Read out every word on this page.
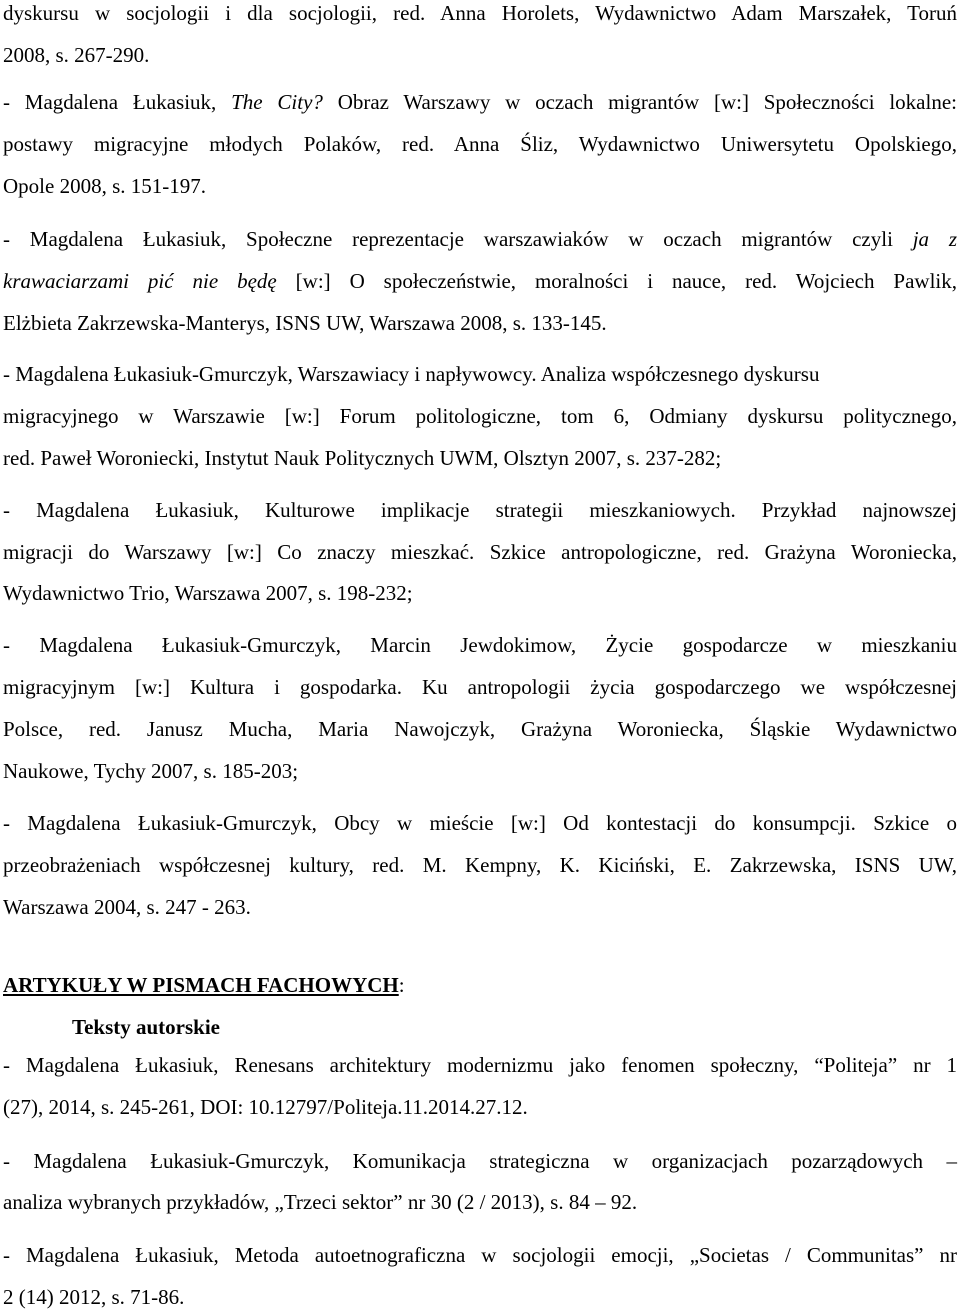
dyskursu w socjologii i dla socjologii, red. Anna Horolets, Wydawnictwo Adam Marszałek, Toruń
2008, s. 267-290.
- Magdalena Łukasiuk, The City? Obraz Warszawy w oczach migrantów [w:] Społeczności lokalne:
postawy migracyjne młodych Polaków, red. Anna Śliz, Wydawnictwo Uniwersytetu Opolskiego,
Opole 2008, s. 151-197.
- Magdalena Łukasiuk, Społeczne reprezentacje warszawiaków w oczach migrantów czyli ja z
krawaciarzami pić nie będę [w:] O społeczeństwie, moralności i nauce, red. Wojciech Pawlik,
Elżbieta Zakrzewska-Manterys, ISNS UW, Warszawa 2008, s. 133-145.
- Magdalena Łukasiuk-Gmurczyk, Warszawiacy i napływowcy. Analiza współczesnego dyskursu
migracyjnego w Warszawie [w:] Forum politologiczne, tom 6, Odmiany dyskursu politycznego,
red. Paweł Woroniecki, Instytut Nauk Politycznych UWM, Olsztyn 2007, s. 237-282;
- Magdalena Łukasiuk, Kulturowe implikacje strategii mieszkaniowych. Przykład najnowszej
migracji do Warszawy [w:] Co znaczy mieszkać. Szkice antropologiczne, red. Grażyna Woroniecka,
Wydawnictwo Trio, Warszawa 2007, s. 198-232;
- Magdalena Łukasiuk-Gmurczyk, Marcin Jewdokimow, Życie gospodarcze w mieszkaniu
migracyjnym [w:] Kultura i gospodarka. Ku antropologii życia gospodarczego we współczesnej
Polsce, red. Janusz Mucha, Maria Nawojczyk, Grażyna Woroniecka, Śląskie Wydawnictwo
Naukowe, Tychy 2007, s. 185-203;
- Magdalena Łukasiuk-Gmurczyk, Obcy w mieście [w:] Od kontestacji do konsumpcji. Szkice o
przeobrażeniach współczesnej kultury, red. M. Kempny, K. Kiciński, E. Zakrzewska, ISNS UW,
Warszawa 2004, s. 247 - 263.
ARTYKUŁY W PISMACH FACHOWYCH:
Teksty autorskie
- Magdalena Łukasiuk, Renesans architektury modernizmu jako fenomen społeczny, “Politeja” nr 1
(27), 2014, s. 245-261, DOI: 10.12797/Politeja.11.2014.27.12.
- Magdalena Łukasiuk-Gmurczyk, Komunikacja strategiczna w organizacjach pozarządowych –
analiza wybranych przykładów, „Trzeci sektor” nr 30 (2 / 2013), s. 84 – 92.
- Magdalena Łukasiuk, Metoda autoetnograficzna w socjologii emocji, „Societas / Communitas” nr
2 (14) 2012, s. 71-86.
